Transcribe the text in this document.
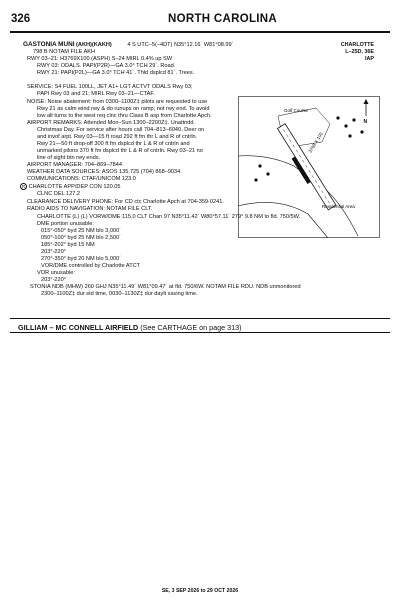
326	NORTH CAROLINA
GASTONIA MUNI (AKH)(KAKH)	4 S UTC–5(–4DT) N35°12.16´ W81°08.99´	CHARLOTTE
L–25D, 36E
IAP
798 B NOTAM FILE AKH
RWY 03–21: H3769X100 (ASPH) S–24 MIRL 0.4% up SW
RWY 03: ODALS. PAPI(P2R)—GA 3.0° TCH 29´. Road.
RWY 21: PAPI(P2L)—GA 3.0° TCH 41´. Thld dsplcd 81´. Trees.
SERVICE: S4 FUEL 100LL, JET A1+ LGT ACTVT ODALS Rwy 03;
PAPI Rwy 03 and 21; MIRL Rwy 03–21—CTAF.
NOISE: Noise abatement: from 0300–1100Z‡ pilots are requested to use
Rwy 21 as calm wind rwy & do runups on ramp; not rwy end. To avoid
low alt turns to the west req clnc thru Class B asp from Charlotte Apch.
AIRPORT REMARKS: Attended Mon–Sun 1300–2200Z‡. Unattndd
Christmas Day. For service after hours call 704–813–6040. Deer on
and invof arpt. Rwy 03—15 ft road 292 ft fm thr L and R of cntrln.
Rwy 21—50 ft drop-off 300 ft fm dsplcd thr L & R of cntrln and
unmarked pilons 370 ft fm dsplcd thr L & R of cntrln. Rwy 03–21 no
line of sight btn rwy ends.
AIRPORT MANAGER: 704–869–7844
WEATHER DATA SOURCES: ASOS 135.725 (704) 868–9034.
COMMUNICATIONS: CTAF/UNICOM 123.0
R CHARLOTTE APP/DEP CON 120.05
CLNC DEL 127.2
CLEARANCE DELIVERY PHONE: For CD ctc Charlotte Apch at 704-359-0241.
RADIO AIDS TO NAVIGATION: NOTAM FILE CLT.
CHARLOTTE (L) (L) VORW/DME 115.0 CLT Chan 97 N35°11.42´ W80°57.11´ 279° 9.8 NM to fld. 750/5W.
DME portion unusable:
015°-050° byd 25 NM blo 3,000´
050°-100° byd 25 NM blo 2,500´
185°-202° byd 15 NM
203°-220°
270°-350° byd 20 NM blo 5,000´
VOR/DME controlled by Charlotte ATCT
VOR unusable:
203°-220°
STONIA NDB (MHW) 260 GHJ N35°11.49´ W81°09.47´ at fld. 750/6W. NOTAM FILE RDU. NDB unmonitored
2300–1100Z‡ dur std time, 0030–1130Z‡ dur daylt saving time.
N
Golf Course
Residential Area
3769 X 100
GILLIAM – MC CONNELL AIRFIELD (See CARTHAGE on page 313)
SE, 3 SEP 2026 to 29 OCT 2026
